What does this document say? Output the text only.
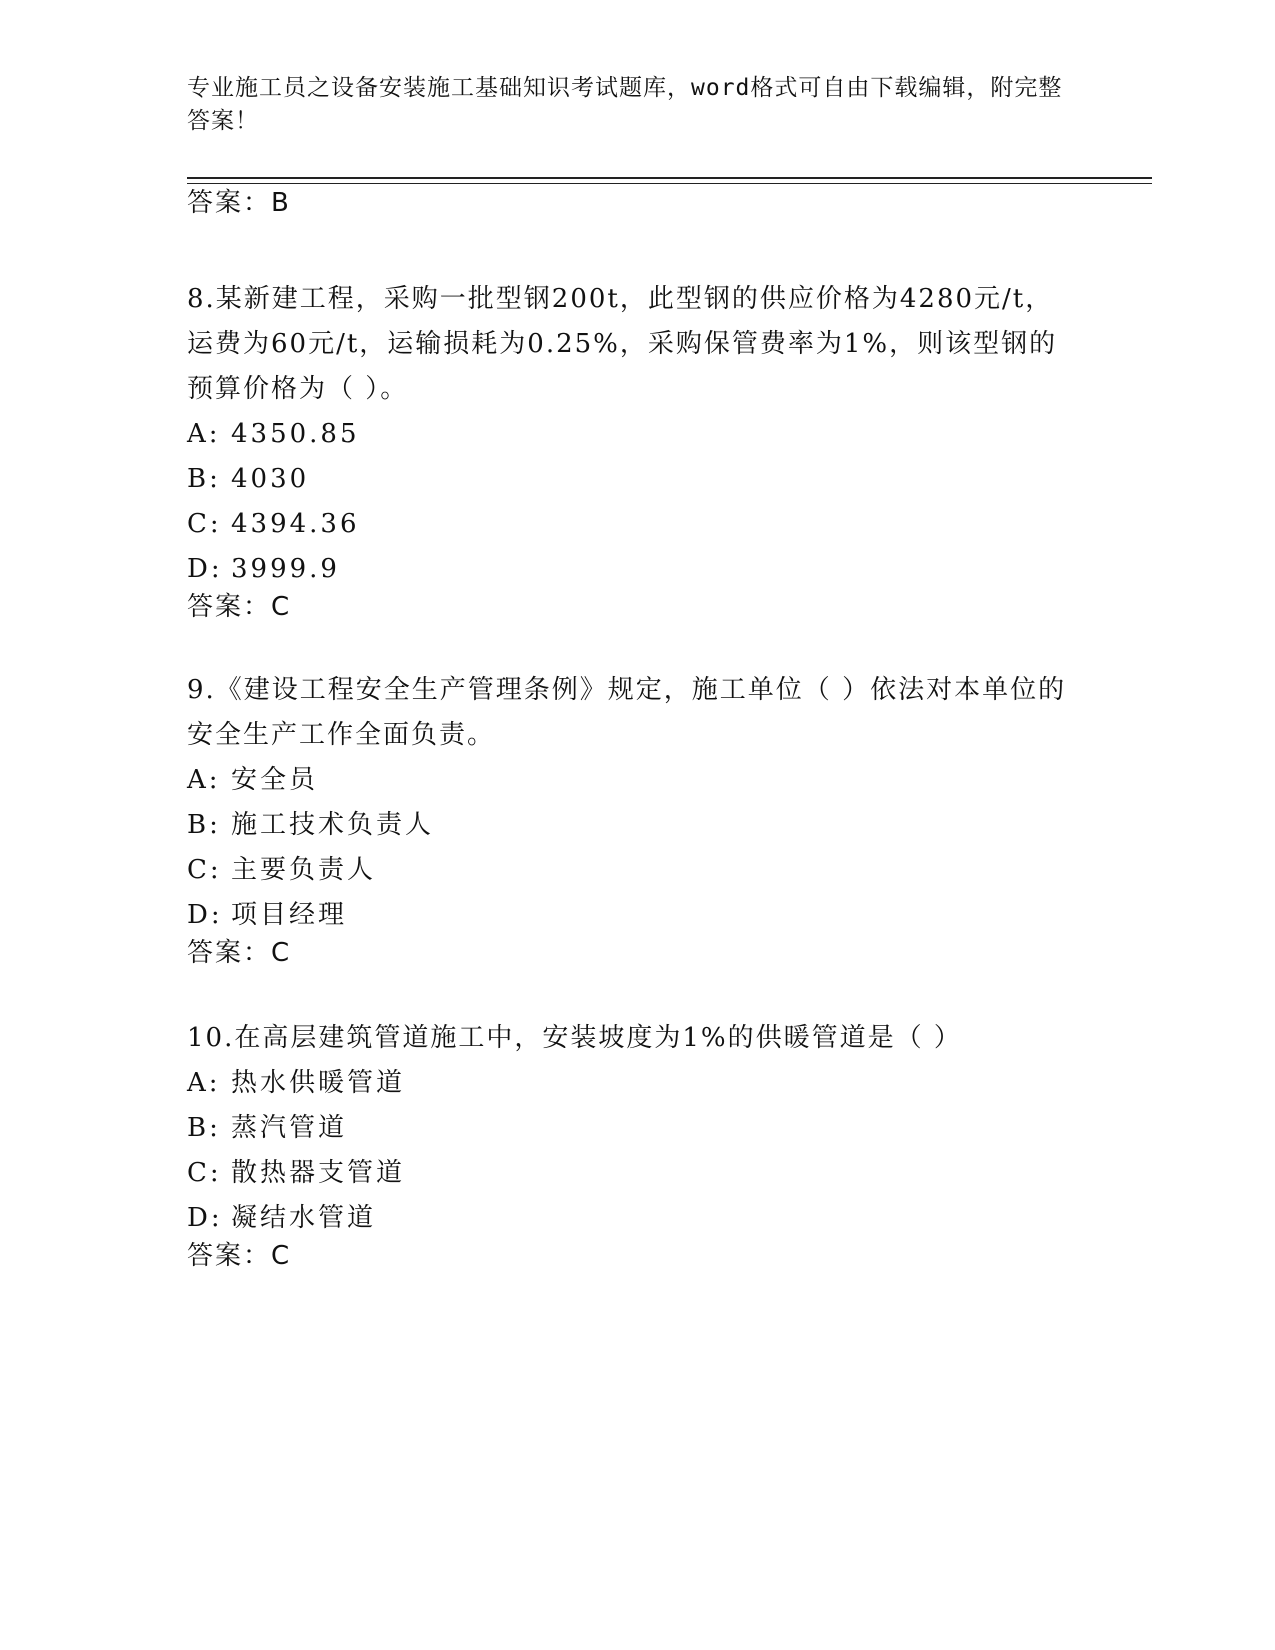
专业施工员之设备安装施工基础知识考试题库，word格式可自由下载编辑，附完整答案！
答案：B
8.某新建工程，采购一批型钢200t，此型钢的供应价格为4280元/t，运费为60元/t，运输损耗为0.25%，采购保管费率为1%，则该型钢的预算价格为（ ）。
A: 4350.85
B: 4030
C: 4394.36
D: 3999.9
答案：C
9.《建设工程安全生产管理条例》规定，施工单位（ ）依法对本单位的安全生产工作全面负责。
A: 安全员
B: 施工技术负责人
C: 主要负责人
D: 项目经理
答案：C
10.在高层建筑管道施工中，安装坡度为1%的供暖管道是（ ）
A: 热水供暖管道
B: 蒸汽管道
C: 散热器支管道
D: 凝结水管道
答案：C
